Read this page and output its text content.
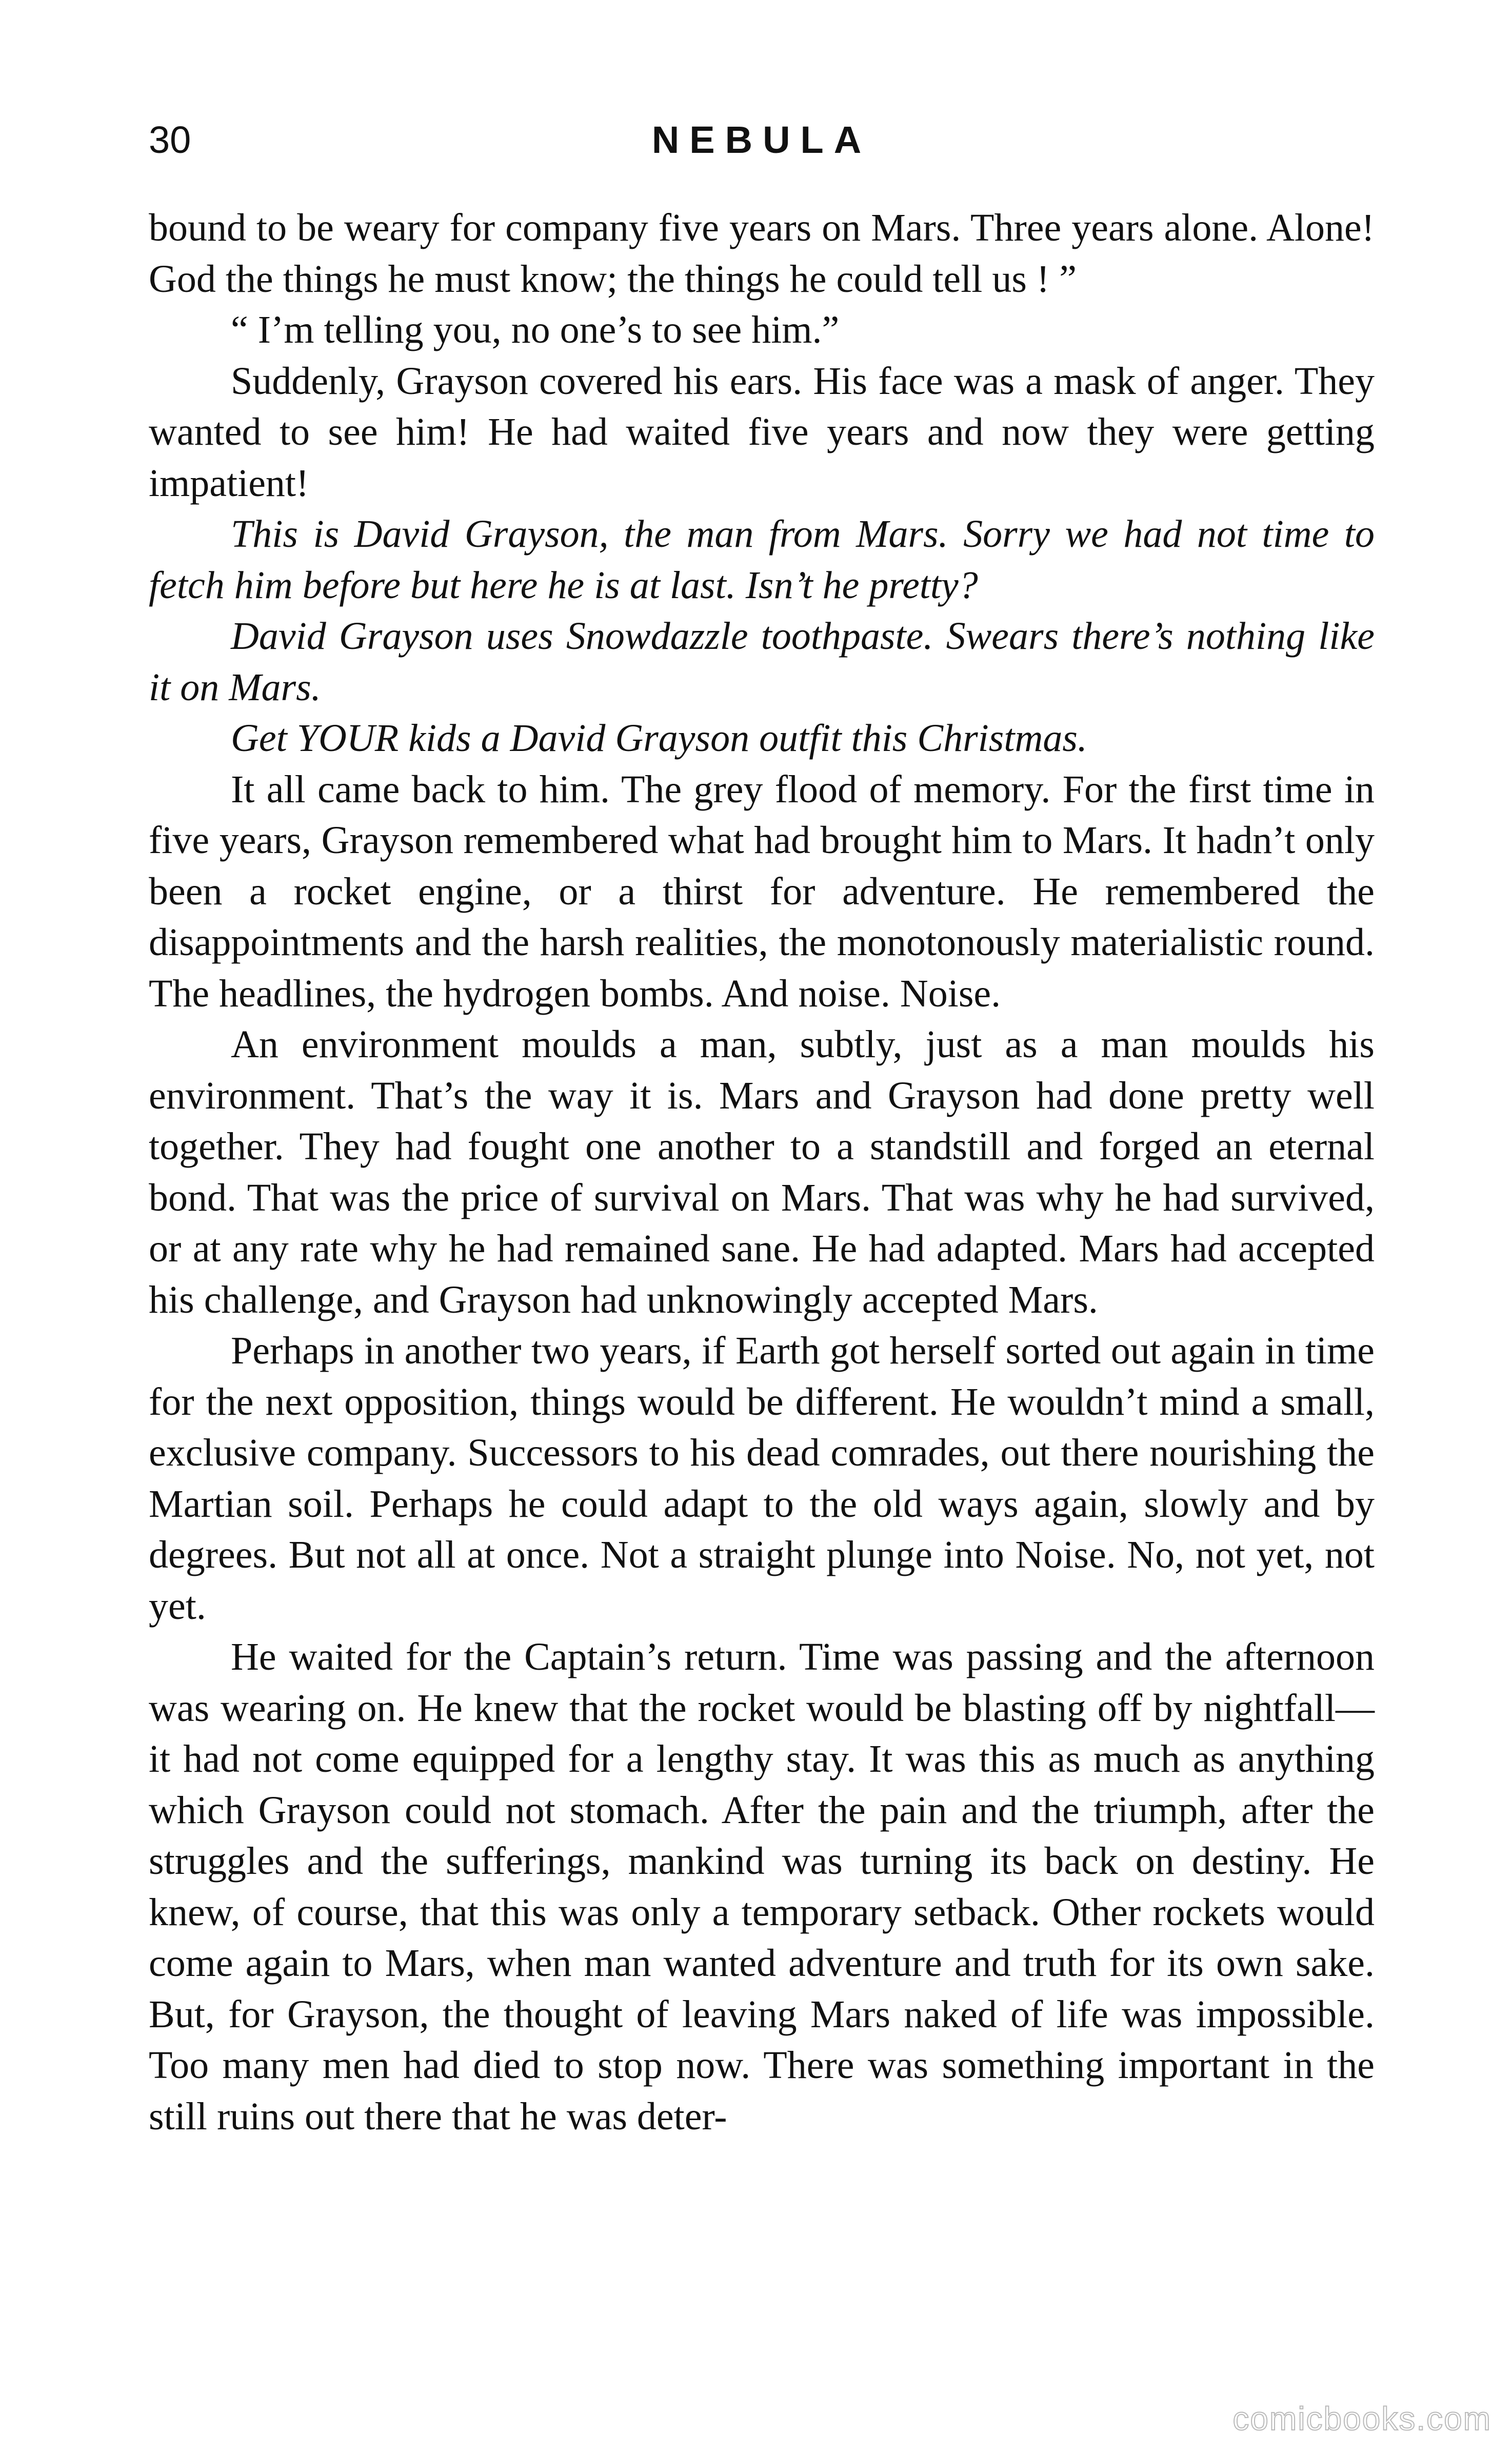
30	NEBULA

bound to be weary for company five years on Mars. Three years alone. Alone! God the things he must know; the things he could tell us ! ”

“ I’m telling you, no one’s to see him.”

Suddenly, Grayson covered his ears. His face was a mask of anger. They wanted to see him! He had waited five years and now they were getting impatient!

This is David Grayson, the man from Mars. Sorry we had not time to fetch him before but here he is at last. Isn’t he pretty?

David Grayson uses Snowdazzle toothpaste. Swears there’s nothing like it on Mars.

Get YOUR kids a David Grayson outfit this Christmas.

It all came back to him. The grey flood of memory. For the first time in five years, Grayson remembered what had brought him to Mars. It hadn’t only been a rocket engine, or a thirst for adventure. He remembered the disappointments and the harsh realities, the monotonously materialistic round. The headlines, the hydrogen bombs. And noise. Noise.

An environment moulds a man, subtly, just as a man moulds his environment. That’s the way it is. Mars and Grayson had done pretty well together. They had fought one another to a standstill and forged an eternal bond. That was the price of survival on Mars. That was why he had survived, or at any rate why he had remained sane. He had adapted. Mars had accepted his challenge, and Grayson had unknowingly accepted Mars.

Perhaps in another two years, if Earth got herself sorted out again in time for the next opposition, things would be different. He wouldn’t mind a small, exclusive company. Successors to his dead comrades, out there nourishing the Martian soil. Perhaps he could adapt to the old ways again, slowly and by degrees. But not all at once. Not a straight plunge into Noise. No, not yet, not yet.

He waited for the Captain’s return. Time was passing and the afternoon was wearing on. He knew that the rocket would be blasting off by nightfall—it had not come equipped for a lengthy stay. It was this as much as anything which Grayson could not stomach. After the pain and the triumph, after the struggles and the sufferings, mankind was turning its back on destiny. He knew, of course, that this was only a temporary setback. Other rockets would come again to Mars, when man wanted adventure and truth for its own sake. But, for Grayson, the thought of leaving Mars naked of life was impossible. Too many men had died to stop now. There was something important in the still ruins out there that he was deter-

comicbooks.com
